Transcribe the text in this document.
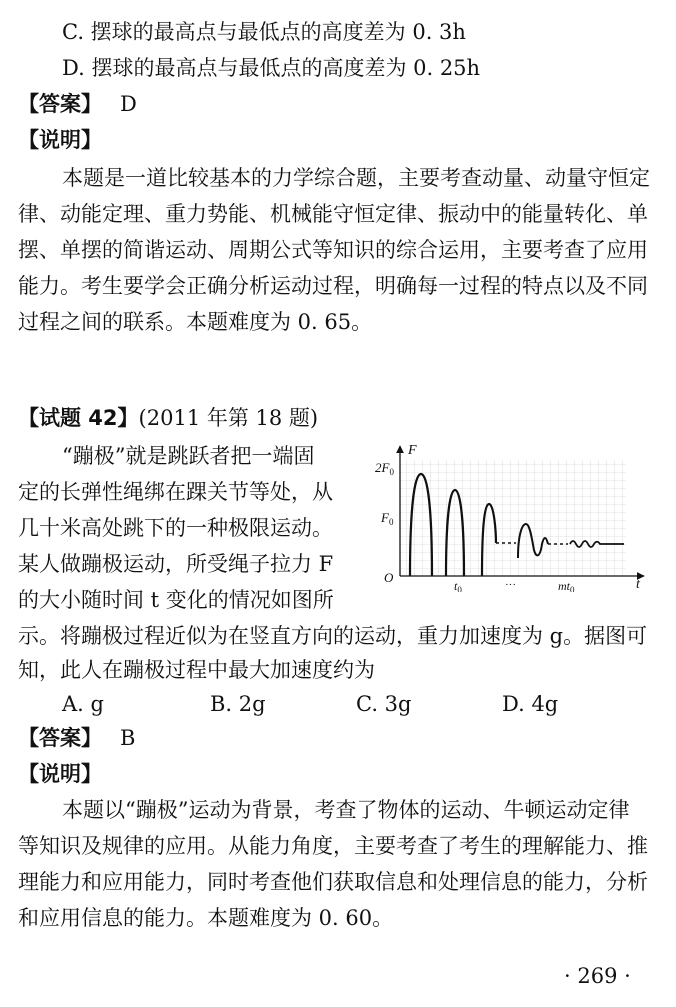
C. 摆球的最高点与最低点的高度差为 0. 3h
D. 摆球的最高点与最低点的高度差为 0. 25h
【答案】 D
【说明】
本题是一道比较基本的力学综合题，主要考查动量、动量守恒定
律、动能定理、重力势能、机械能守恒定律、振动中的能量转化、单
摆、单摆的简谐运动、周期公式等知识的综合运用，主要考查了应用
能力。考生要学会正确分析运动过程，明确每一过程的特点以及不同
过程之间的联系。本题难度为 0. 65。
【试题 42】(2011 年第 18 题)
“蹦极”就是跳跃者把一端固
定的长弹性绳绑在踝关节等处，从
几十米高处跳下的一种极限运动。
某人做蹦极运动，所受绳子拉力 F
的大小随时间 t 变化的情况如图所
示。将蹦极过程近似为在竖直方向的运动，重力加速度为 g。据图可
知，此人在蹦极过程中最大加速度约为
A. g	B. 2g	C. 3g	D. 4g
F
t
$2F_0$
$F_0$
O
$t_0$	···	$mt_0$
【答案】 B
【说明】
本题以“蹦极”运动为背景，考查了物体的运动、牛顿运动定律
等知识及规律的应用。从能力角度，主要考查了考生的理解能力、推
理能力和应用能力，同时考查他们获取信息和处理信息的能力，分析
和应用信息的能力。本题难度为 0. 60。
· 269 ·
